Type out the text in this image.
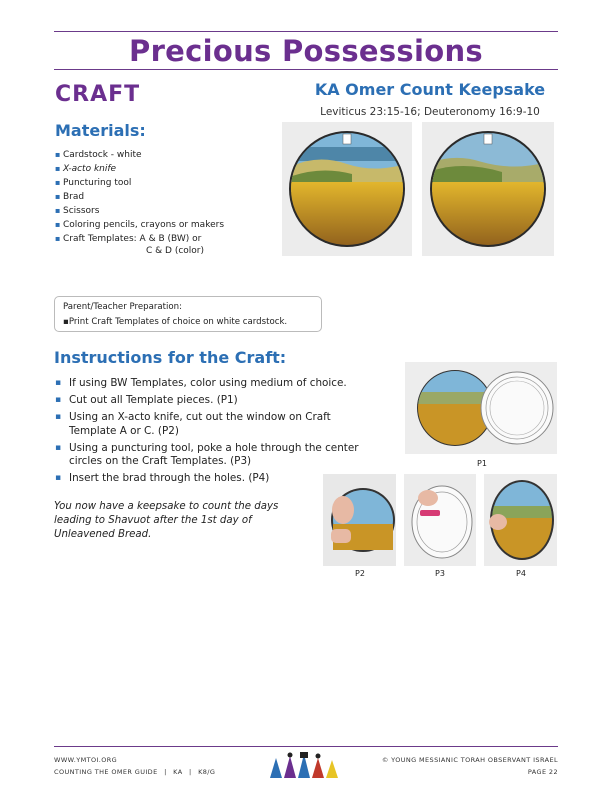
Precious Possessions
CRAFT	KA Omer Count Keepsake
Leviticus 23:15-16; Deuteronomy 16:9-10
Materials:
▪ Cardstock - white
▪ X-acto knife
▪ Puncturing tool
▪ Brad
▪ Scissors
▪ Coloring pencils, crayons or makers
▪ Craft Templates: A & B (BW) or
C & D (color)
Parent/Teacher Preparation:
▪Print Craft Templates of choice on white cardstock.
Instructions for the Craft:
▪ If using BW Templates, color using medium of choice.
▪ Cut out all Template pieces. (P1)
▪ Using an X-acto knife, cut out the window on Craft Template A or C. (P2)
▪ Using a puncturing tool, poke a hole through the center circles on the Craft Templates. (P3)
▪ Insert the brad through the holes. (P4)
You now have a keepsake to count the days leading to Shavuot after the 1st day of Unleavened Bread.
P1
P2	P3	P4
WWW.YMTOI.ORG
COUNTING THE OMER GUIDE | KA | K8/G
© YOUNG MESSIANIC TORAH OBSERVANT ISRAEL
PAGE 22
